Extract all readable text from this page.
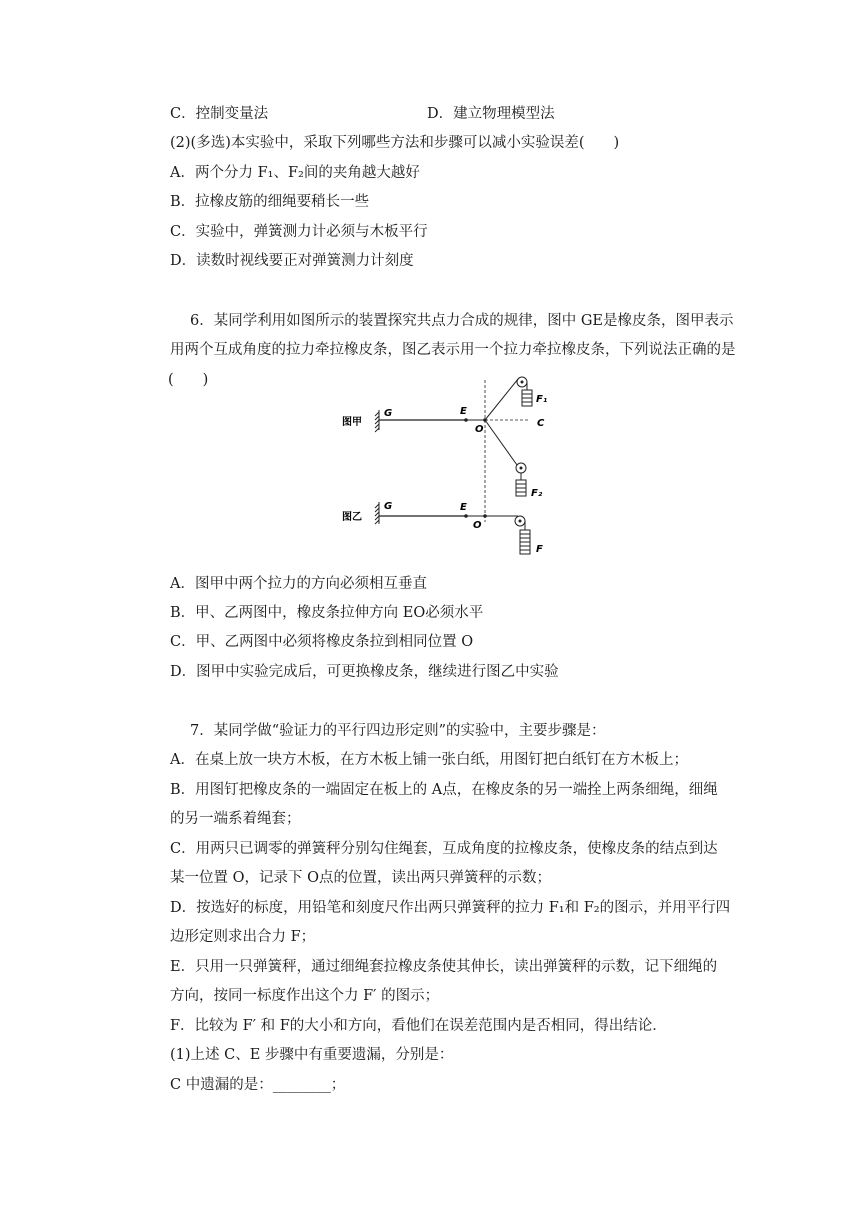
C．控制变量法	D．建立物理模型法
(2)(多选)本实验中，采取下列哪些方法和步骤可以减小实验误差(　　)
A．两个分力 F₁、F₂间的夹角越大越好
B．拉橡皮筋的细绳要稍长一些
C．实验中，弹簧测力计必须与木板平行
D．读数时视线要正对弹簧测力计刻度
6．某同学利用如图所示的装置探究共点力合成的规律，图中 GE是橡皮条，图甲表示
用两个互成角度的拉力牵拉橡皮条，图乙表示用一个拉力牵拉橡皮条，下列说法正确的是
(　　)
图甲
G	E
O
C
F₁
F₂
图乙
G	E
O
F
A．图甲中两个拉力的方向必须相互垂直
B．甲、乙两图中，橡皮条拉伸方向 EO必须水平
C．甲、乙两图中必须将橡皮条拉到相同位置 O
D．图甲中实验完成后，可更换橡皮条，继续进行图乙中实验
7．某同学做“验证力的平行四边形定则”的实验中，主要步骤是：
A．在桌上放一块方木板，在方木板上铺一张白纸，用图钉把白纸钉在方木板上；
B．用图钉把橡皮条的一端固定在板上的 A点，在橡皮条的另一端拴上两条细绳，细绳
的另一端系着绳套；
C．用两只已调零的弹簧秤分别勾住绳套，互成角度的拉橡皮条，使橡皮条的结点到达
某一位置 O，记录下 O点的位置，读出两只弹簧秤的示数；
D．按选好的标度，用铅笔和刻度尺作出两只弹簧秤的拉力 F₁和 F₂的图示，并用平行四
边形定则求出合力 F；
E．只用一只弹簧秤，通过细绳套拉橡皮条使其伸长，读出弹簧秤的示数，记下细绳的
方向，按同一标度作出这个力 F′ 的图示；
F．比较为 F′ 和 F的大小和方向，看他们在误差范围内是否相同，得出结论．
(1)上述 C、E 步骤中有重要遗漏，分别是：
C 中遗漏的是：________；
